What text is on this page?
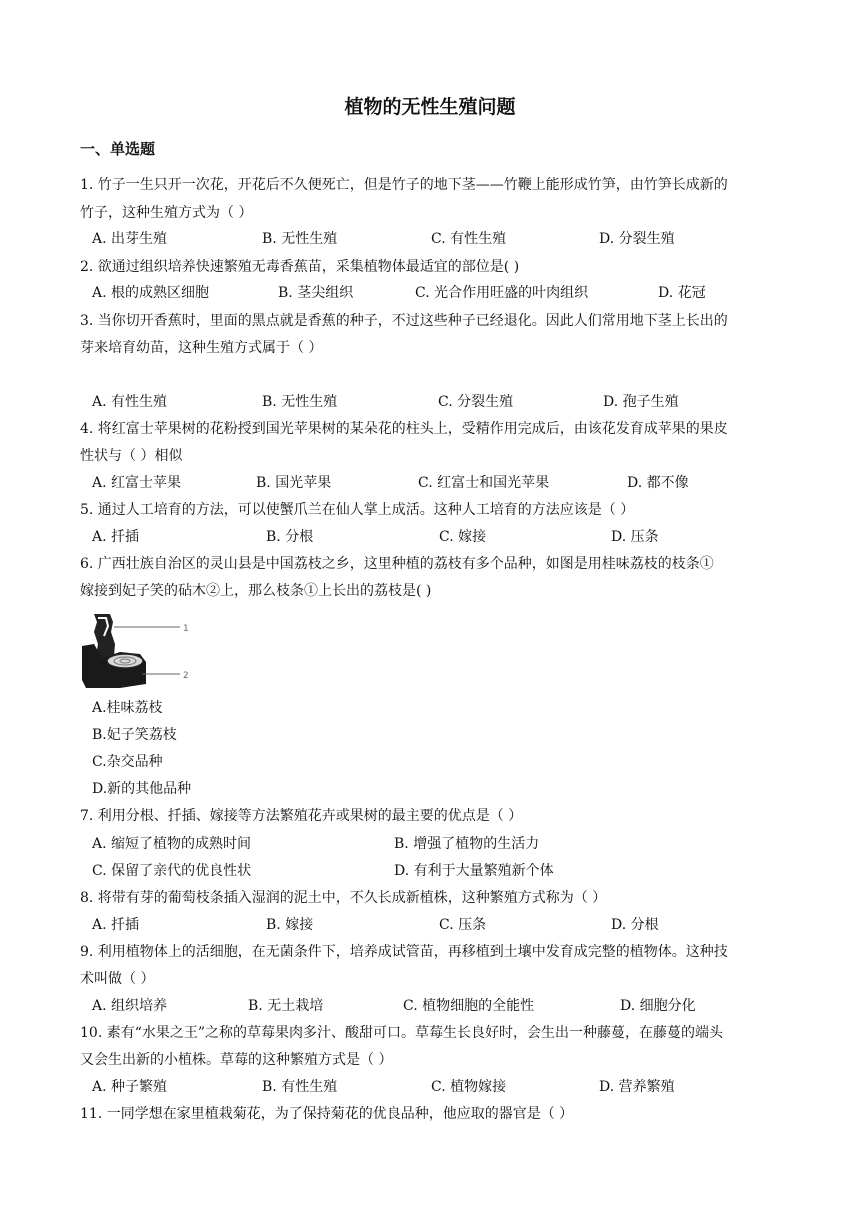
植物的无性生殖问题
一、单选题
1. 竹子一生只开一次花，开花后不久便死亡，但是竹子的地下茎——竹鞭上能形成竹笋，由竹笋长成新的
竹子，这种生殖方式为（ ）
A. 出芽生殖	B. 无性生殖	C. 有性生殖	D. 分裂生殖
2. 欲通过组织培养快速繁殖无毒香蕉苗，采集植物体最适宜的部位是( )
A. 根的成熟区细胞	B. 茎尖组织	C. 光合作用旺盛的叶肉组织	D. 花冠
3. 当你切开香蕉时，里面的黑点就是香蕉的种子，不过这些种子已经退化。因此人们常用地下茎上长出的
芽来培育幼苗，这种生殖方式属于（ ）
A. 有性生殖	B. 无性生殖	C. 分裂生殖	D. 孢子生殖
4. 将红富士苹果树的花粉授到国光苹果树的某朵花的柱头上，受精作用完成后，由该花发育成苹果的果皮
性状与（ ）相似
A. 红富士苹果	B. 国光苹果	C. 红富士和国光苹果	D. 都不像
5. 通过人工培育的方法，可以使蟹爪兰在仙人掌上成活。这种人工培育的方法应该是（ ）
A. 扦插	B. 分根	C. 嫁接	D. 压条
6. 广西壮族自治区的灵山县是中国荔枝之乡，这里种植的荔枝有多个品种，如图是用桂味荔枝的枝条①
嫁接到妃子笑的砧木②上，那么枝条①上长出的荔枝是( )
1
2
A.桂味荔枝
B.妃子笑荔枝
C.杂交品种
D.新的其他品种
7. 利用分根、扦插、嫁接等方法繁殖花卉或果树的最主要的优点是（ ）
A. 缩短了植物的成熟时间	B. 增强了植物的生活力
C. 保留了亲代的优良性状	D. 有利于大量繁殖新个体
8. 将带有芽的葡萄枝条插入湿润的泥土中，不久长成新植株，这种繁殖方式称为（ ）
A. 扦插	B. 嫁接	C. 压条	D. 分根
9. 利用植物体上的活细胞，在无菌条件下，培养成试管苗，再移植到土壤中发育成完整的植物体。这种技
术叫做（ ）
A. 组织培养	B. 无土栽培	C. 植物细胞的全能性	D. 细胞分化
10. 素有“水果之王”之称的草莓果肉多汁、酸甜可口。草莓生长良好时，会生出一种藤蔓，在藤蔓的端头
又会生出新的小植株。草莓的这种繁殖方式是（ ）
A. 种子繁殖	B. 有性生殖	C. 植物嫁接	D. 营养繁殖
11. 一同学想在家里植栽菊花，为了保持菊花的优良品种，他应取的器官是（ ）
